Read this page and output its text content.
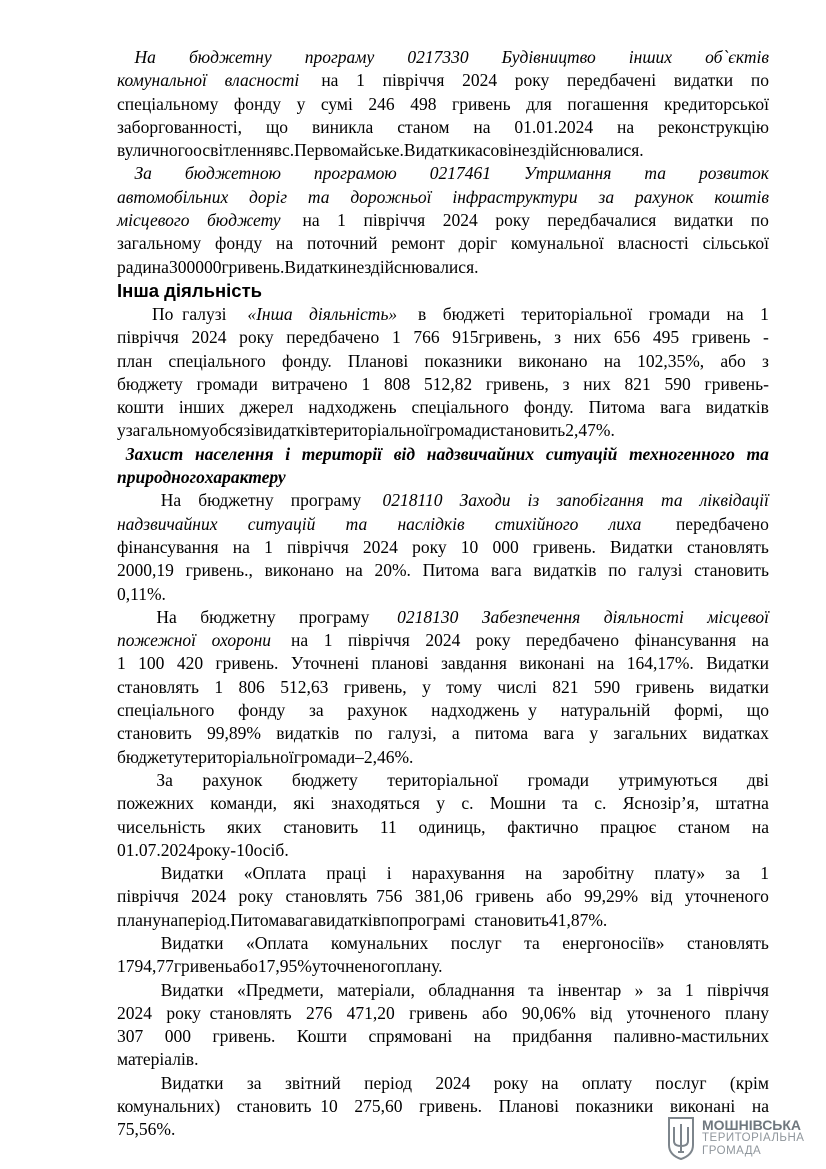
На бюджетну програму 0217330 Будівництво інших об`єктів
комунальної власності на 1 півріччя 2024 року передбачені видатки по
спеціальному фонду у сумі 246 498 гривень для погашення кредиторської
заборгованності, що виникла станом на 01.01.2024 на реконструкцію
вуличного освітлення в с. Первомайське. Видатки касові не здійснювалися.
За бюджетною програмою 0217461 Утримання та розвиток
автомобільних доріг та дорожньої інфраструктури за рахунок коштів
місцевого бюджету на 1 півріччя 2024 року передбачалися видатки по
загальному фонду на поточний ремонт доріг комунальної власності сільської
ради на 300 000 гривень. Видатки не здійснювалися.
Інша діяльність
По  галузі «Інша діяльність» в бюджеті територіальної громади на 1
півріччя 2024 року передбачено 1 766 915гривень, з них 656 495 гривень -
план спеціального фонду. Планові показники виконано на 102,35%, або з
бюджету громади витрачено 1 808 512,82 гривень, з них 821 590 гривень-
кошти інших джерел надходжень спеціального фонду. Питома вага видатків
у загальному обсязі видатків територіальної громади становить 2,47 %.
Захист населення і території від надзвичайних ситуацій техногенного та
природного характеру
На бюджетну програму 0218110 Заходи із запобігання та ліквідації
надзвичайних ситуацій та наслідків стихійного лиха передбачено
фінансування на 1 півріччя 2024 року 10 000 гривень. Видатки становлять
2000,19 гривень., виконано на 20%. Питома вага видатків по галузі становить
0,11%.
На бюджетну програму 0218130 Забезпечення діяльності місцевої
пожежної охорони на 1 півріччя 2024 року передбачено фінансування на
1 100 420 гривень. Уточнені планові завдання виконані на 164,17%. Видатки
становлять 1 806 512,63 гривень, у тому числі 821 590 гривень видатки
спеціального фонду за рахунок надходжень  у натуральній формі, що
становить 99,89% видатків по галузі, а питома вага у загальних видатках
бюджету територіальної громади – 2,46%.
За рахунок бюджету територіальної громади утримуються дві
пожежних команди, які знаходяться у с. Мошни та с. Яснозір’я, штатна
чисельність яких становить 11 одиниць, фактично працює станом на
01.07.2024 року - 10 осіб.
Видатки «Оплата праці і нарахування на заробітну плату» за 1
півріччя 2024 року становлять  756 381,06 гривень або 99,29% від уточненого
плану на період. Питома вага видатків по програмі  становить 41,87%.
Видатки «Оплата комунальних послуг та енергоносіїв» становлять
1794,77 гривень або 17,95% уточненого плану.
Видатки «Предмети, матеріали, обладнання та інвентар » за 1 півріччя
2024 року  становлять 276 471,20 гривень або 90,06% від уточненого плану
307 000 гривень. Кошти спрямовані на придбання паливно-мастильних
матеріалів.
Видатки за звітний період 2024 року   на оплату послуг (крім
комунальних) становить  10 275,60 гривень. Планові показники виконані на
75,56%.	МОШНІВСЬКА
ТЕРИТОРІАЛЬНА
ГРОМАДА
